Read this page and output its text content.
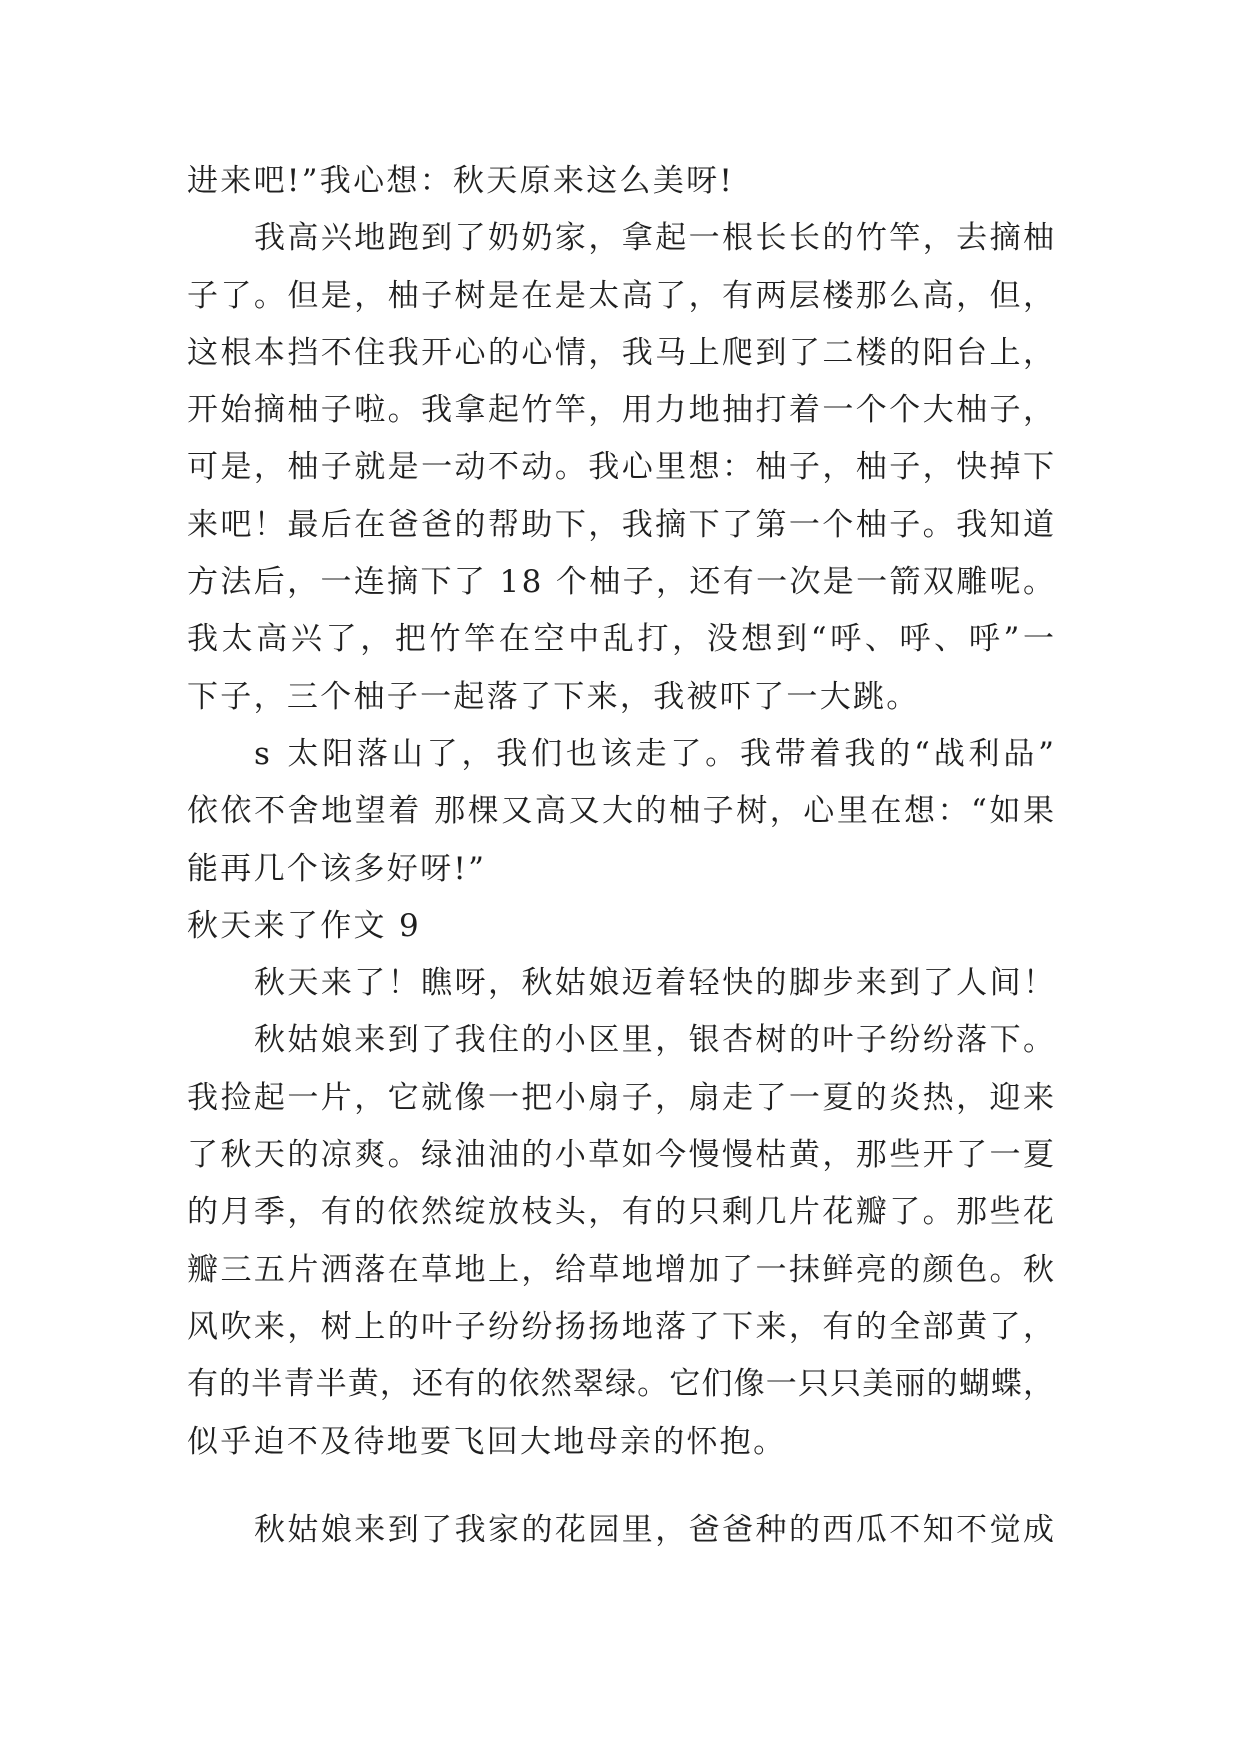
进来吧!”我心想：秋天原来这么美呀!
我高兴地跑到了奶奶家，拿起一根长长的竹竿，去摘柚
子了。但是，柚子树是在是太高了，有两层楼那么高，但，
这根本挡不住我开心的心情，我马上爬到了二楼的阳台上，
开始摘柚子啦。我拿起竹竿，用力地抽打着一个个大柚子，
可是，柚子就是一动不动。我心里想：柚子，柚子，快掉下
来吧！最后在爸爸的帮助下，我摘下了第一个柚子。我知道
方法后，一连摘下了 18 个柚子，还有一次是一箭双雕呢。
我太高兴了，把竹竿在空中乱打，没想到“呼、呼、呼”一
下子，三个柚子一起落了下来，我被吓了一大跳。
s 太阳落山了，我们也该走了。我带着我的“战利品”
依依不舍地望着 那棵又高又大的柚子树，心里在想：“如果
能再几个该多好呀!”
秋天来了作文 9
秋天来了！瞧呀，秋姑娘迈着轻快的脚步来到了人间！
秋姑娘来到了我住的小区里，银杏树的叶子纷纷落下。
我捡起一片，它就像一把小扇子，扇走了一夏的炎热，迎来
了秋天的凉爽。绿油油的小草如今慢慢枯黄，那些开了一夏
的月季，有的依然绽放枝头，有的只剩几片花瓣了。那些花
瓣三五片洒落在草地上，给草地增加了一抹鲜亮的颜色。秋
风吹来，树上的叶子纷纷扬扬地落了下来，有的全部黄了，
有的半青半黄，还有的依然翠绿。它们像一只只美丽的蝴蝶，
似乎迫不及待地要飞回大地母亲的怀抱。
秋姑娘来到了我家的花园里，爸爸种的西瓜不知不觉成
